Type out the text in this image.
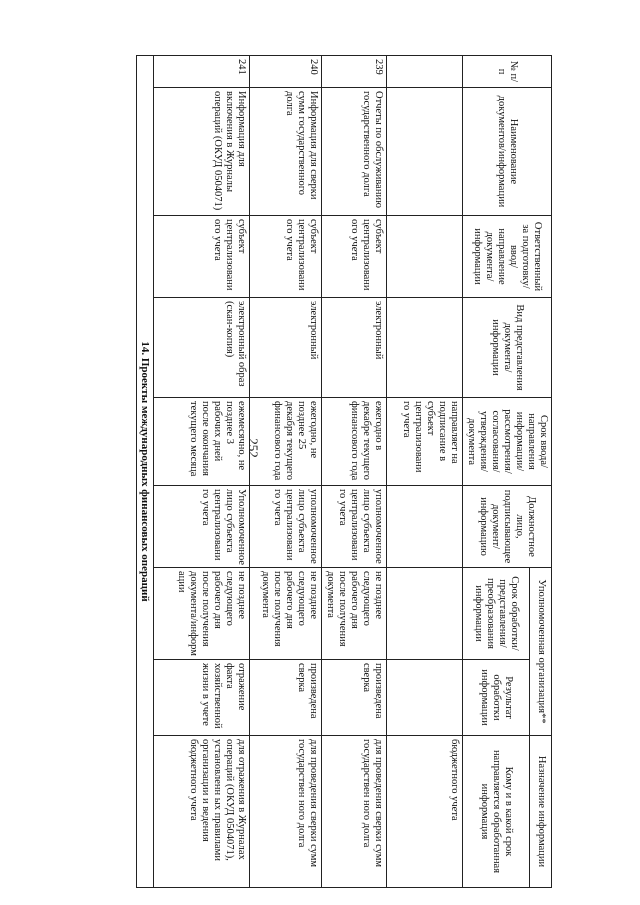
252
№ п/п	Наименование документов/информации	Ответственный за подготовку/ ввод/ направление документа/ информации	Вид представления документа/ информации	Срок ввода/ направления информации/ рассмотрения/ согласования/ утверждения/ документа	Должностное лицо, подписывающее документ/ информацию	Уполномоченная организация**		Назначение информации
						Срок обработки/ представления/ преобразования информации	Результат обработки информации	Кому и в какой срок направляется обработанная информация
				направляет на подписание в субъект централизовани го учета				бюджетного учета
239	Отчеты по обслуживанию государственного долга	субъект централизовани ого учета	электронный	ежегодно в декабре текущего финансового года	уполномоченное лицо субъекта централизовани го учета	не позднее следующего рабочего дня после получения документа	произведена сверка	для проведения сверки сумм государствен ного долга
240	Информация для сверки сумм государственного долга	субъект централизовани ого учета	электронный	ежегодно, не позднее 25 декабря текущего финансового года	уполномоченное лицо субъекта централизовани го учета	не позднее следующего рабочего дня после получения документа	произведена сверка	для проведения сверки сумм государствен ного долга
241	Информация для включения в Журналы операций (ОКУД 0504071)	субъект централизовани ого учета	электронный образ (скан-копия)	ежемесячно, не позднее 3 рабочих дней после окончания текущего месяца	Уполномоченное лицо субъекта централизовани го учета	не позднее следующего рабочего дня после получения документа/информ ации	отражение факта хозяйственной жизни в учете	для отражения в Журналах операций (ОКУД 0504071), установленн ых правилами организации и ведения бюджетного учета
14. Проекты международных финансовых операций								
